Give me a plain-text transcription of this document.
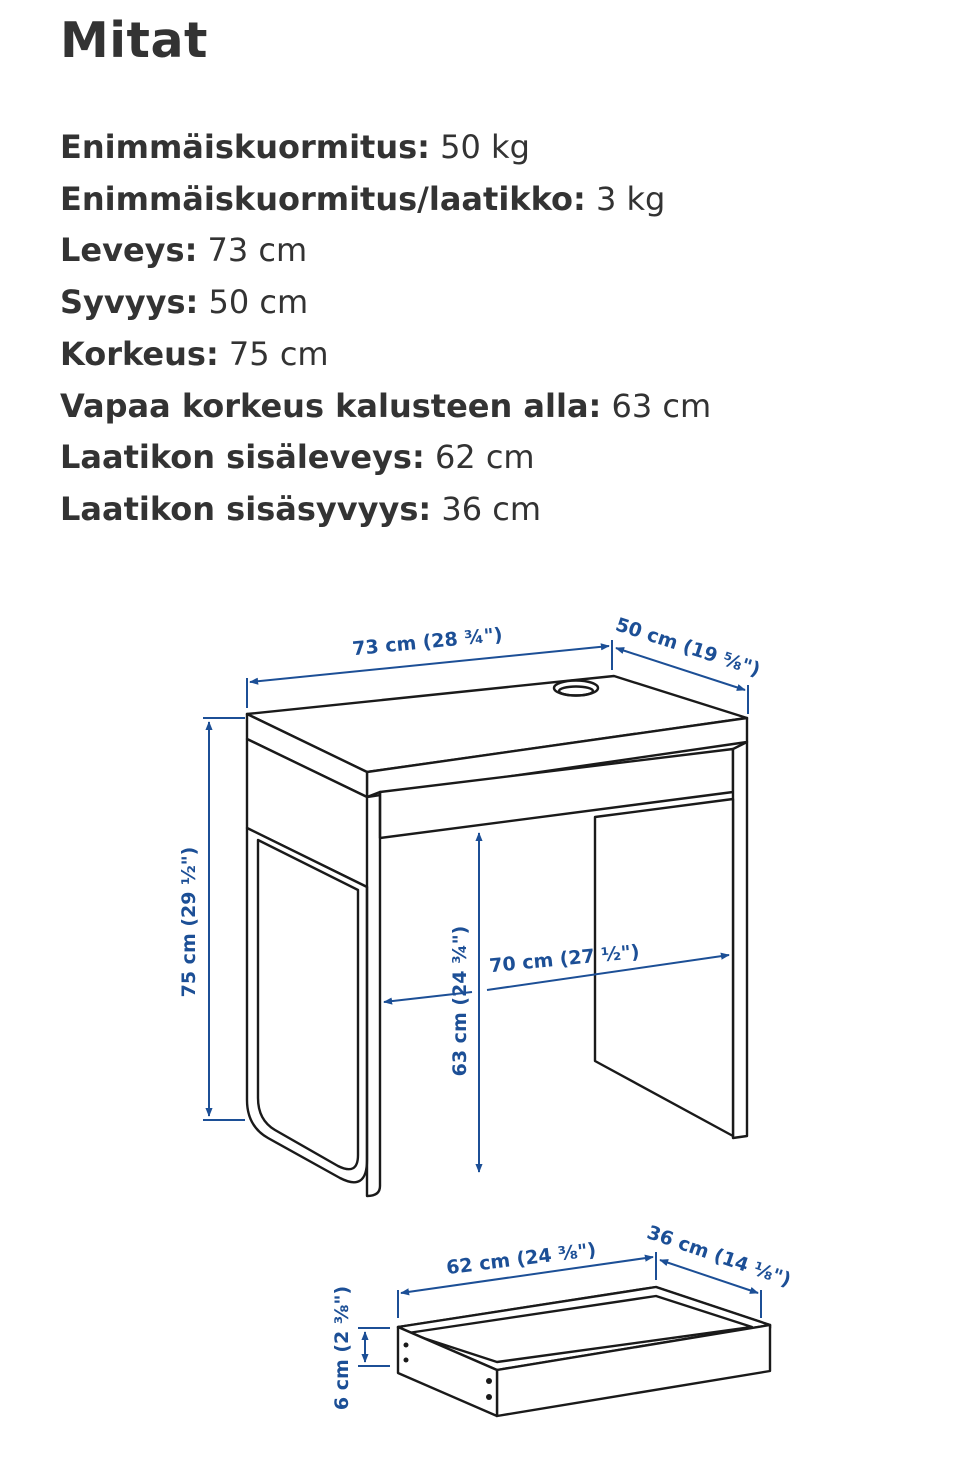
Mitat
Enimmäiskuormitus: 50 kg
Enimmäiskuormitus/laatikko: 3 kg
Leveys: 73 cm
Syvyys: 50 cm
Korkeus: 75 cm
Vapaa korkeus kalusteen alla: 63 cm
Laatikon sisäleveys: 62 cm
Laatikon sisäsyvyys: 36 cm
73 cm (28 ¾")	50 cm (19 ⅝")
75 cm (29 ½")
63 cm (24 ¾") 70 cm (27 ½")
62 cm (24 ⅜") 36 cm (14 ⅛")
6 cm (2 ⅜")
